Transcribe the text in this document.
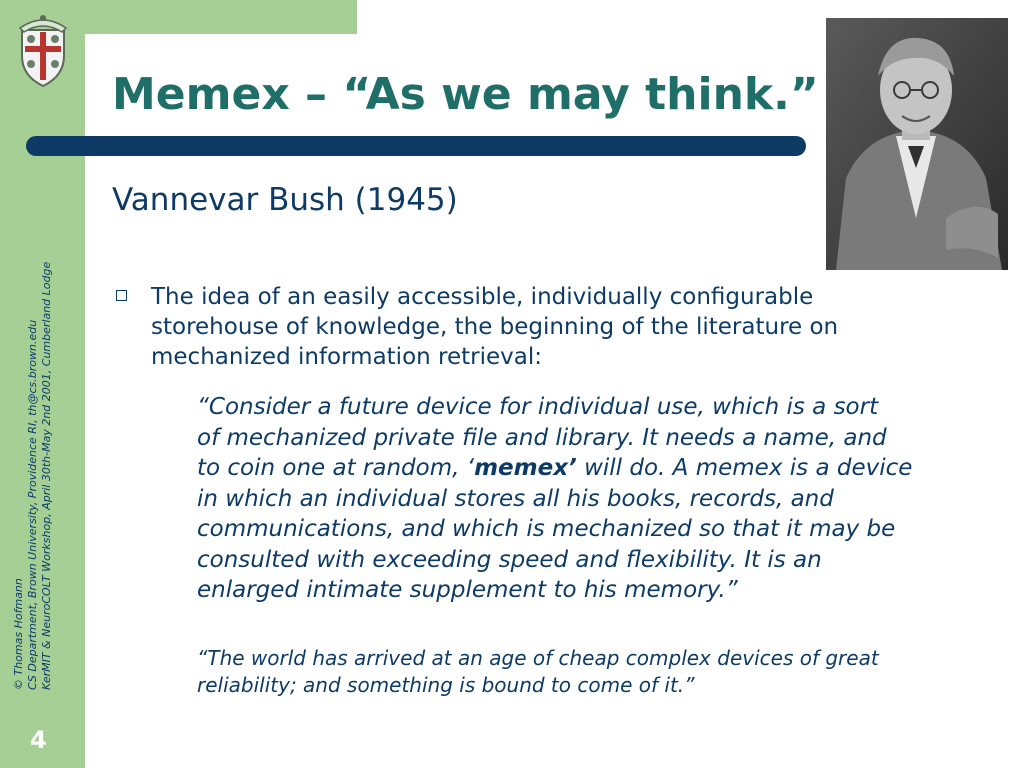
© Thomas Hofmann CS Department, Brown University, Providence RI, th@cs.brown.edu KerMIT & NeuroCOLT Workshop, April 30th-May 2nd 2001, Cumberland Lodge
4
Memex – “As we may think.”
Vannevar Bush (1945)
The idea of an easily accessible, individually configurable
storehouse of knowledge, the beginning of the literature on
mechanized information retrieval:
“Consider a future device for individual use, which is a sort
of mechanized private file and library. It needs a name, and
to coin one at random, ‘memex’ will do. A memex is a device
in which an individual stores all his books, records, and
communications, and which is mechanized so that it may be
consulted with exceeding speed and flexibility. It is an
enlarged intimate supplement to his memory.”
“The world has arrived at an age of cheap complex devices of great
reliability; and something is bound to come of it.”
